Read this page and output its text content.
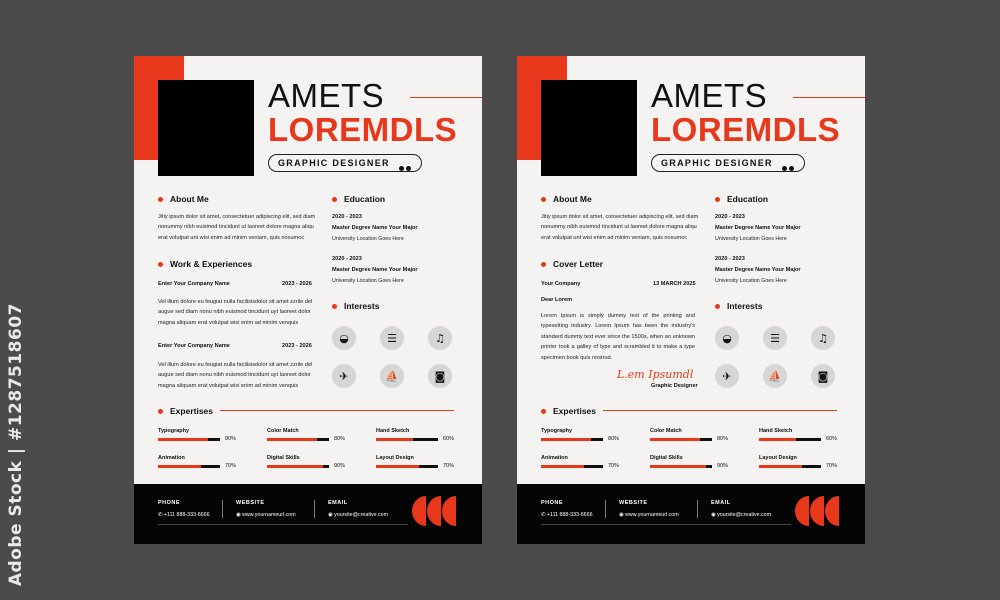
Adobe Stock | #1287518607
AMETS
LOREMDLS
GRAPHIC DESIGNER
About Me
Jitiy ipsum dolor sit amet, consectetuer adipiscing elit, sed diam nonummy nibh euismod tincidunt ut laoreet dolore magna aliqu erat volutpat unt wisi enim ad minim veniam, quis nosumoc
Work & Experiences
Enter Your Company Name	2023 - 2026
Vel illum dolore eu feugiat nulla facilisisdolor sit amet zzrile del augue sed diam nonu nibh euismod tincidunt uyt laoreet dolor magna aliquam erat volutpat wisi enim ad minim venquis
Enter Your Company Name	2023 - 2026
Vel illum dolore eu feugiat nulla facilisisdolor sit amet zzrile del augue sed diam nonu nibh euismod tincidunt uyt laoreet dolor magna aliquam erat volutpat wisi enim ad minim venquis
Education
2020 - 2023
Master Degree Name Your Major
University Location Goes Here
2020 - 2023
Master Degree Name Your Major
University Location Goes Here
Interests
◒	☰	♫
✈	⛵	◙
Expertises
Typography
80%
Color Match
80%
Hand Sketch
60%
Animation
70%
Digital Skills
90%
Layout Design
70%
PHONE
✆ +111 888-333-6666
WEBSITE
◉ www.yournameurl.com
EMAIL
◉ yoursite@creative.com
AMETS
LOREMDLS
GRAPHIC DESIGNER
About Me
Jitiy ipsum dolor sit amet, consectetuer adipiscing elit, sed diam nonummy nibh euismod tincidunt ut laoreet dolore magna aliqu erat volutpat unt wisi enim ad minim veniam, quis nosumoc
Cover Letter
Your Company	13 MARCH 2025
Dear Lorem
Lorem Ipsum is simply dummy text of the printing and typesetting industry. Lorem Ipsum has been the industry's standard dummy text ever since the 1500s, when an unknown printer took a galley of type and scrambled it to make a type specimen book quis nostrud.
L.em Ipsumdl
Graphic Designer
Education
2020 - 2023
Master Degree Name Your Major
University Location Goes Here
2020 - 2023
Master Degree Name Your Major
University Location Goes Here
Interests
◒	☰	♫
✈	⛵	◙
Expertises
Typography
80%
Color Match
80%
Hand Sketch
60%
Animation
70%
Digital Skills
90%
Layout Design
70%
PHONE
✆ +111 888-333-6666
WEBSITE
◉ www.yournameurl.com
EMAIL
◉ yoursite@creative.com
